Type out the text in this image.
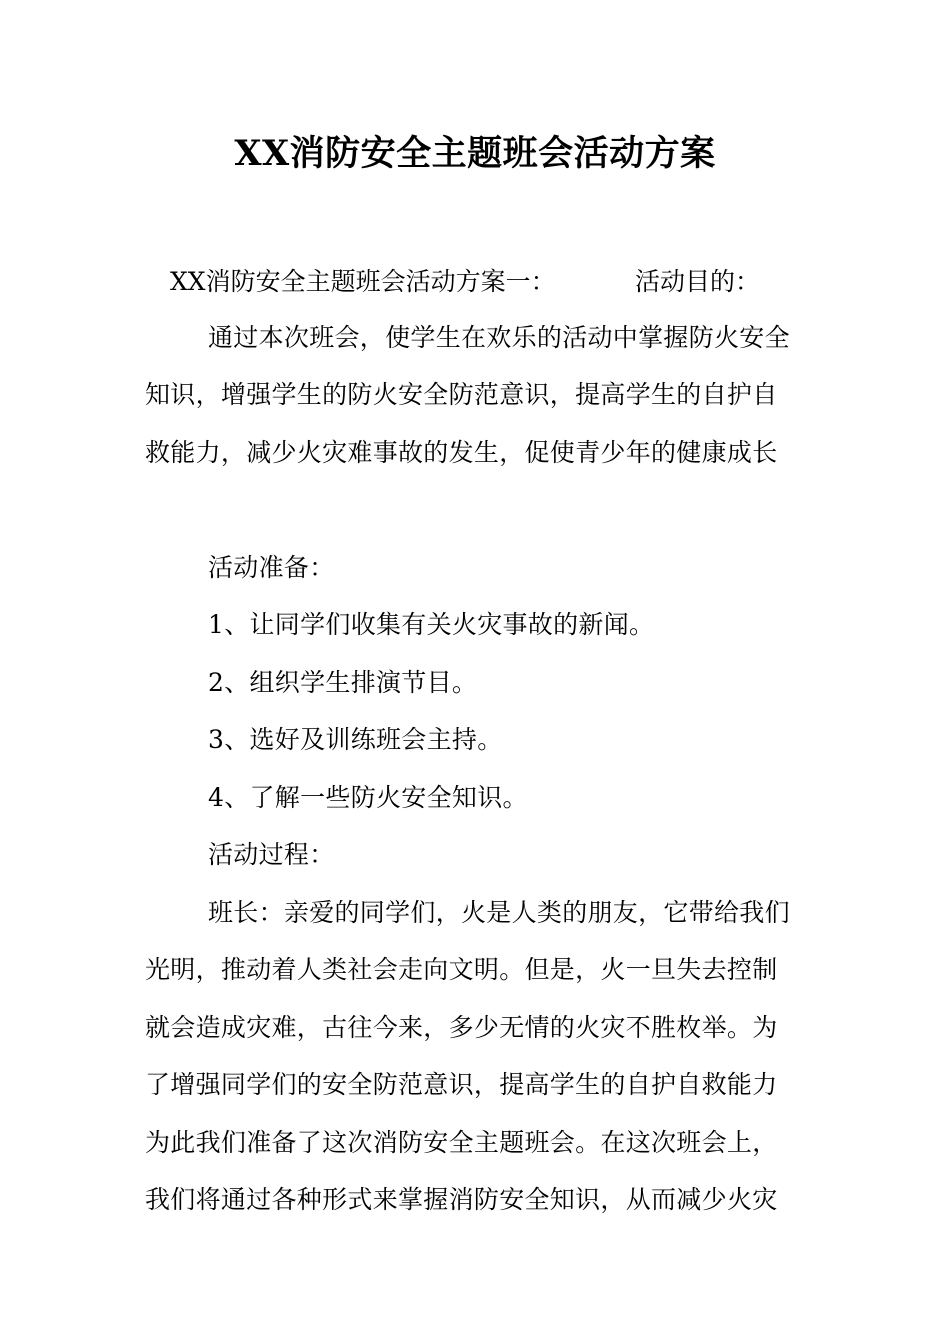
XX消防安全主题班会活动方案
XX消防安全主题班会活动方案一：	活动目的：
通过本次班会，使学生在欢乐的活动中掌握防火安全
知识，增强学生的防火安全防范意识，提高学生的自护自
救能力，减少火灾难事故的发生，促使青少年的健康成长
活动准备：
1、让同学们收集有关火灾事故的新闻。
2、组织学生排演节目。
3、选好及训练班会主持。
4、了解一些防火安全知识。
活动过程：
班长：亲爱的同学们，火是人类的朋友，它带给我们
光明，推动着人类社会走向文明。但是，火一旦失去控制
就会造成灾难，古往今来，多少无情的火灾不胜枚举。为
了增强同学们的安全防范意识，提高学生的自护自救能力
为此我们准备了这次消防安全主题班会。在这次班会上，
我们将通过各种形式来掌握消防安全知识，从而减少火灾
